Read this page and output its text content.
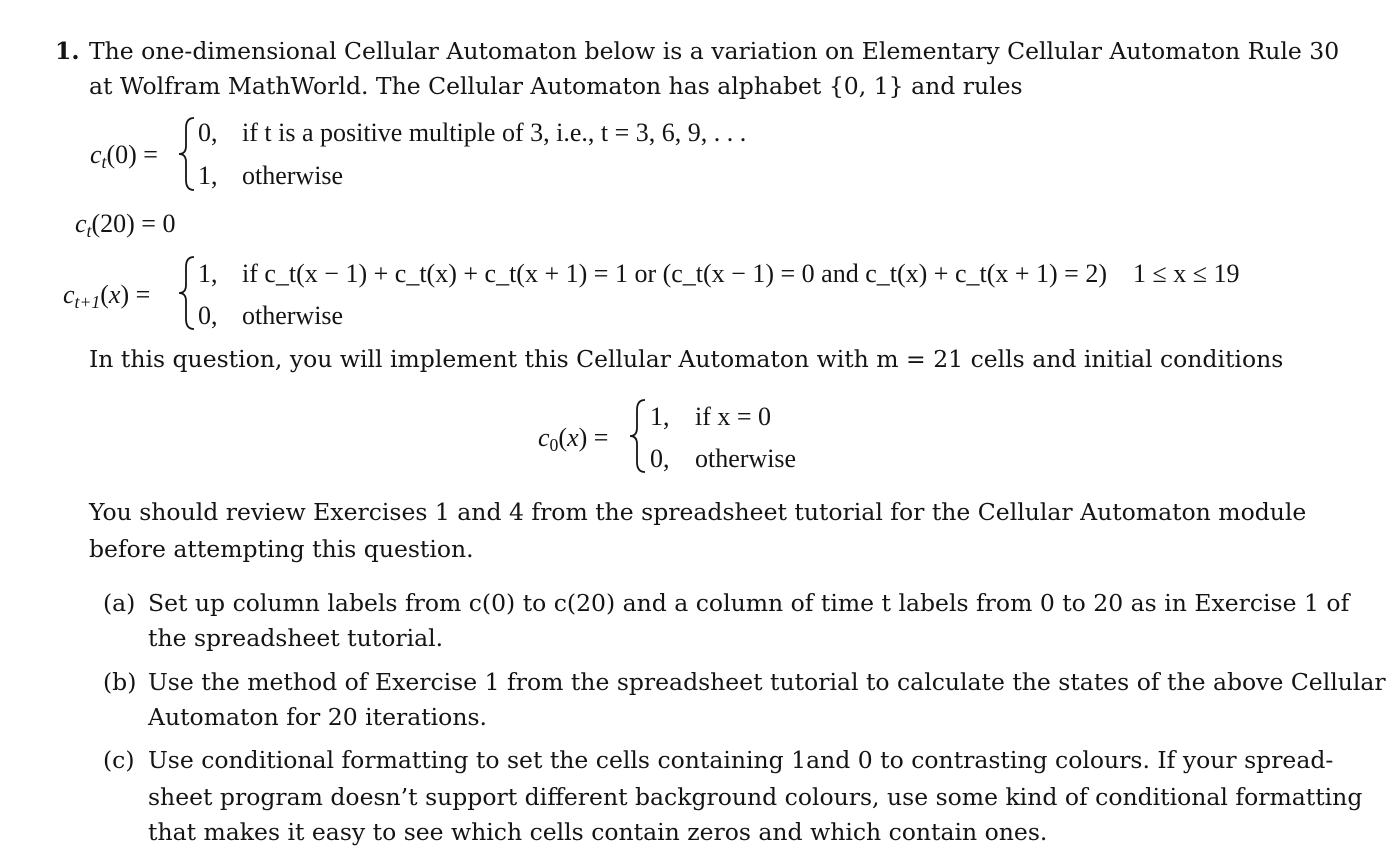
1. The one-dimensional Cellular Automaton below is a variation on Elementary Cellular Automaton Rule 30
at Wolfram MathWorld. The Cellular Automaton has alphabet {0, 1} and rules
$c_t(0)$ =
0, if t is a positive multiple of 3, i.e., t = 3, 6, 9, . . .
1, otherwise
$c_t(20) = 0$
$c_{t+1}(x)$ =
1, if c_t(x − 1) + c_t(x) + c_t(x + 1) = 1 or (c_t(x − 1) = 0 and c_t(x) + c_t(x + 1) = 2) 1 ≤ x ≤ 19
0, otherwise
In this question, you will implement this Cellular Automaton with m = 21 cells and initial conditions
c0(x) =
1, if x = 0
0, otherwise
You should review Exercises 1 and 4 from the spreadsheet tutorial for the Cellular Automaton module
before attempting this question.
(a) Set up column labels from c(0) to c(20) and a column of time t labels from 0 to 20 as in Exercise 1 of
the spreadsheet tutorial.
(b) Use the method of Exercise 1 from the spreadsheet tutorial to calculate the states of the above Cellular
Automaton for 20 iterations.
(c) Use conditional formatting to set the cells containing 1and 0 to contrasting colours. If your spread-
sheet program doesn’t support different background colours, use some kind of conditional formatting
that makes it easy to see which cells contain zeros and which contain ones.
